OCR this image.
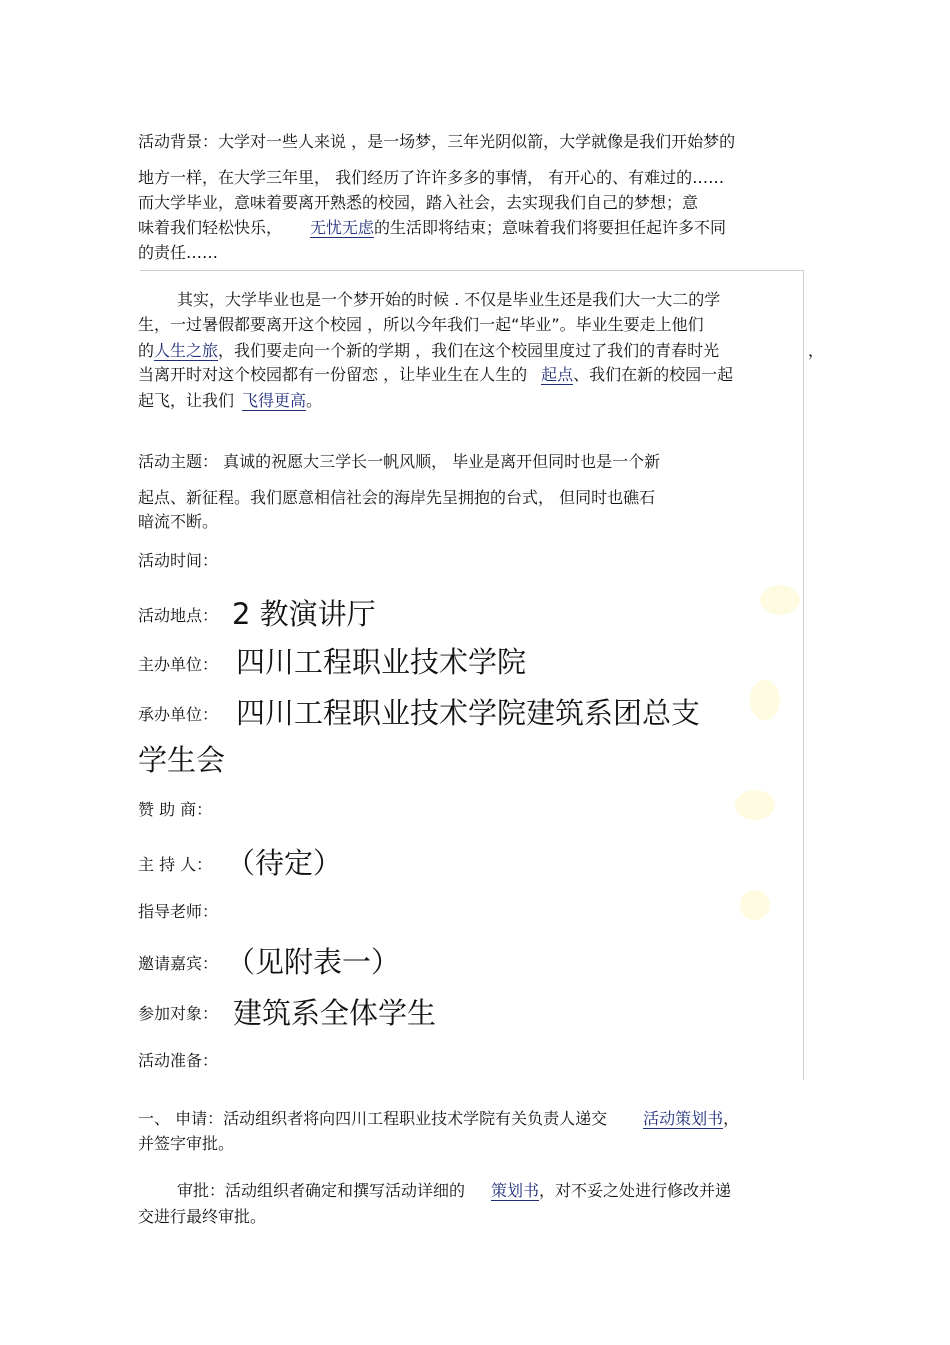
活动背景：大学对一些人来说 ，是一场梦，三年光阴似箭，大学就像是我们开始梦的
地方一样，在大学三年里， 我们经历了许许多多的事情， 有开心的、有难过的……
而大学毕业，意味着要离开熟悉的校园，踏入社会，去实现我们自己的梦想；意
味着我们轻松快乐， 无忧无虑的生活即将结束；意味着我们将要担任起许多不同
的责任……
其实，大学毕业也是一个梦开始的时候 . 不仅是毕业生还是我们大一大二的学
生，一过暑假都要离开这个校园 ，所以今年我们一起“毕业”。毕业生要走上他们
的人生之旅，我们要走向一个新的学期 ，我们在这个校园里度过了我们的青春时光	，
当离开时对这个校园都有一份留恋 ，让毕业生在人生的 起点、我们在新的校园一起
起飞，让我们 飞得更高。
活动主题： 真诚的祝愿大三学长一帆风顺， 毕业是离开但同时也是一个新
起点、新征程。我们愿意相信社会的海岸先呈拥抱的台式， 但同时也礁石
暗流不断。
活动时间：
活动地点： 2 教演讲厅
主办单位： 四川工程职业技术学院
承办单位： 四川工程职业技术学院建筑系团总支
学生会
赞 助 商：
主 持 人： （待定）
指导老师：
邀请嘉宾： （见附表一）
参加对象： 建筑系全体学生
活动准备：
一、 申请：活动组织者将向四川工程职业技术学院有关负责人递交 活动策划书，
并签字审批。
审批：活动组织者确定和撰写活动详细的 策划书，对不妥之处进行修改并递
交进行最终审批。
